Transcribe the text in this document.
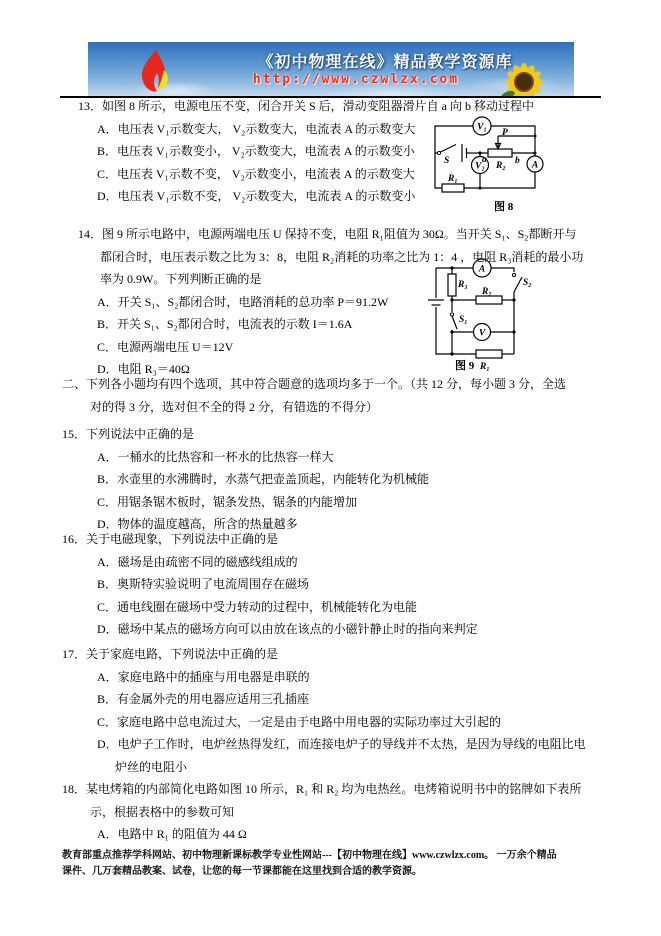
《初中物理在线》精品教学资源库
http://www.czwlzx.com
13．如图 8 所示，电源电压不变，闭合开关 S 后，滑动变阻器滑片自 a 向 b 移动过程中
A．电压表 V₁示数变大， V₂示数变大，电流表 A 的示数变大
B．电压表 V₁示数变小， V₂示数变大，电流表 A 的示数变小
C．电压表 V₁示数不变， V₂示数变小，电流表 A 的示数变大
D．电压表 V₁示数不变， V₂示数变大，电流表 A 的示数变小
V₁
S	a
R₂ b
P
V₂	A
R₁
图 8
14．图 9 所示电路中，电源两端电压 U 保持不变，电阻 R₁阻值为 30Ω。当开关 S₁、S₂都断开与
都闭合时，电压表示数之比为 3：8，电阻 R₂消耗的功率之比为 1：4 ，电阻 R₃消耗的最小功
率为 0.9W。下列判断正确的是
A．开关 S₁、S₂都闭合时，电路消耗的总功率 P＝91.2W
B．开关 S₁、S₂都闭合时，电流表的示数 I＝1.6A
C．电源两端电压 U＝12V
D．电阻 R₃＝40Ω
A
S₂
R₃
S₁
R₂
V
R₁
图 9
二、下列各小题均有四个选项，其中符合题意的选项均多于一个。（共 12 分，每小题 3 分，全选
对的得 3 分，选对但不全的得 2 分，有错选的不得分）
15．下列说法中正确的是
A．一桶水的比热容和一杯水的比热容一样大
B．水壶里的水沸腾时，水蒸气把壶盖顶起，内能转化为机械能
C．用锯条锯木板时，锯条发热，锯条的内能增加
D．物体的温度越高，所含的热量越多
16．关于电磁现象，下列说法中正确的是
A．磁场是由疏密不同的磁感线组成的
B．奥斯特实验说明了电流周围存在磁场
C．通电线圈在磁场中受力转动的过程中，机械能转化为电能
D．磁场中某点的磁场方向可以由放在该点的小磁针静止时的指向来判定
17．关于家庭电路，下列说法中正确的是
A．家庭电路中的插座与用电器是串联的
B．有金属外壳的用电器应适用三孔插座
C．家庭电路中总电流过大，一定是由于电路中用电器的实际功率过大引起的
D．电炉子工作时，电炉丝热得发红，而连接电炉子的导线并不太热，是因为导线的电阻比电
炉丝的电阻小
18．某电烤箱的内部简化电路如图 10 所示，R₁ 和 R₂ 均为电热丝。电烤箱说明书中的铭牌如下表所
示，根据表格中的参数可知
A．电路中 R₁ 的阻值为 44 Ω
教育部重点推荐学科网站、初中物理新课标教学专业性网站---【初中物理在线】www.czwlzx.com。 一万余个精品
课件、几万套精品教案、试卷，让您的每一节课都能在这里找到合适的教学资源。
